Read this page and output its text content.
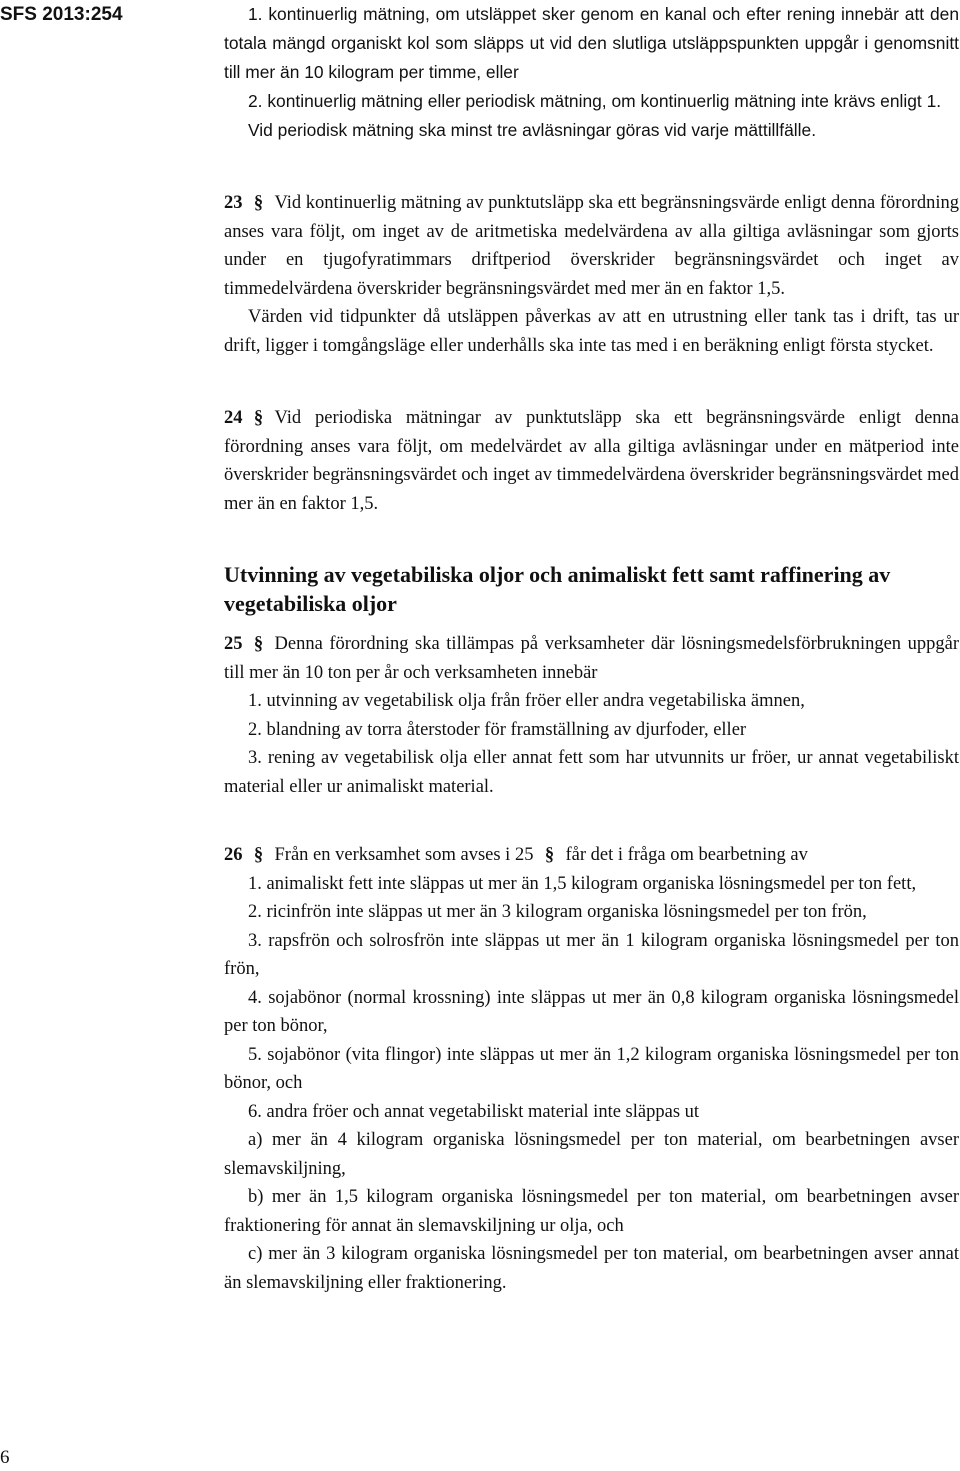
SFS 2013:254
6

1. kontinuerlig mätning, om utsläppet sker genom en kanal och efter rening innebär att den totala mängd organiskt kol som släpps ut vid den slutliga utsläppspunkten uppgår i genomsnitt till mer än 10 kilogram per timme, eller

2. kontinuerlig mätning eller periodisk mätning, om kontinuerlig mätning inte krävs enligt 1.

Vid periodisk mätning ska minst tre avläsningar göras vid varje mättillfälle.

23 § Vid kontinuerlig mätning av punktutsläpp ska ett begränsningsvärde enligt denna förordning anses vara följt, om inget av de aritmetiska medelvärdena av alla giltiga avläsningar som gjorts under en tjugofyratimmars driftperiod överskrider begränsningsvärdet och inget av timmedelvärdena överskrider begränsningsvärdet med mer än en faktor 1,5.

Värden vid tidpunkter då utsläppen påverkas av att en utrustning eller tank tas i drift, tas ur drift, ligger i tomgångsläge eller underhålls ska inte tas med i en beräkning enligt första stycket.

24 § Vid periodiska mätningar av punktutsläpp ska ett begränsningsvärde enligt denna förordning anses vara följt, om medelvärdet av alla giltiga avläsningar under en mätperiod inte överskrider begränsningsvärdet och inget av timmedelvärdena överskrider begränsningsvärdet med mer än en faktor 1,5.

Utvinning av vegetabiliska oljor och animaliskt fett samt raffinering av vegetabiliska oljor

25 § Denna förordning ska tillämpas på verksamheter där lösningsmedelsförbrukningen uppgår till mer än 10 ton per år och verksamheten innebär

1. utvinning av vegetabilisk olja från fröer eller andra vegetabiliska ämnen,

2. blandning av torra återstoder för framställning av djurfoder, eller

3. rening av vegetabilisk olja eller annat fett som har utvunnits ur fröer, ur annat vegetabiliskt material eller ur animaliskt material.

26 § Från en verksamhet som avses i 25 § får det i fråga om bearbetning av

1. animaliskt fett inte släppas ut mer än 1,5 kilogram organiska lösningsmedel per ton fett,

2. ricinfrön inte släppas ut mer än 3 kilogram organiska lösningsmedel per ton frön,

3. rapsfrön och solrosfrön inte släppas ut mer än 1 kilogram organiska lösningsmedel per ton frön,

4. sojabönor (normal krossning) inte släppas ut mer än 0,8 kilogram organiska lösningsmedel per ton bönor,

5. sojabönor (vita flingor) inte släppas ut mer än 1,2 kilogram organiska lösningsmedel per ton bönor, och

6. andra fröer och annat vegetabiliskt material inte släppas ut

a) mer än 4 kilogram organiska lösningsmedel per ton material, om bearbetningen avser slemavskiljning,

b) mer än 1,5 kilogram organiska lösningsmedel per ton material, om bearbetningen avser fraktionering för annat än slemavskiljning ur olja, och

c) mer än 3 kilogram organiska lösningsmedel per ton material, om bearbetningen avser annat än slemavskiljning eller fraktionering.
